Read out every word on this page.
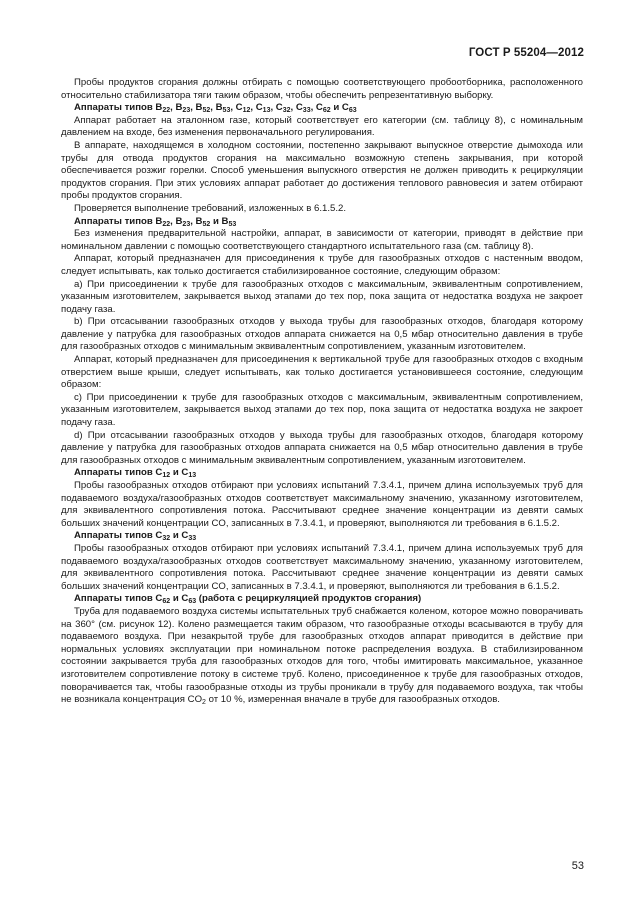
ГОСТ Р 55204—2012

Пробы продуктов сгорания должны отбирать с помощью соответствующего пробоотборника, расположенного относительно стабилизатора тяги таким образом, чтобы обеспечить репрезентативную выборку.

Аппараты типов $B_{22}$, $B_{23}$, $B_{52}$, $B_{53}$, $C_{12}$, $C_{13}$, $C_{32}$, $C_{33}$, $C_{62}$ и $C_{63}$

Аппарат работает на эталонном газе, который соответствует его категории (см. таблицу 8), с номинальным давлением на входе, без изменения первоначального регулирования.

В аппарате, находящемся в холодном состоянии, постепенно закрывают выпускное отверстие дымохода или трубы для отвода продуктов сгорания на максимально возможную степень закрывания, при которой обеспечивается розжиг горелки. Способ уменьшения выпускного отверстия не должен приводить к рециркуляции продуктов сгорания. При этих условиях аппарат работает до достижения теплового равновесия и затем отбирают пробы продуктов сгорания.

Проверяется выполнение требований, изложенных в 6.1.5.2.

Аппараты типов $B_{22}$, $B_{23}$, $B_{52}$ и $B_{53}$

Без изменения предварительной настройки, аппарат, в зависимости от категории, приводят в действие при номинальном давлении с помощью соответствующего стандартного испытательного газа (см. таблицу 8).

Аппарат, который предназначен для присоединения к трубе для газообразных отходов с настенным вводом, следует испытывать, как только достигается стабилизированное состояние, следующим образом:

a) При присоединении к трубе для газообразных отходов с максимальным, эквивалентным сопротивлением, указанным изготовителем, закрывается выход этапами до тех пор, пока защита от недостатка воздуха не закроет подачу газа.

b) При отсасывании газообразных отходов у выхода трубы для газообразных отходов, благодаря которому давление у патрубка для газообразных отходов аппарата снижается на 0,5 мбар относительно давления в трубе для газообразных отходов с минимальным эквивалентным сопротивлением, указанным изготовителем.

Аппарат, который предназначен для присоединения к вертикальной трубе для газообразных отходов с входным отверстием выше крыши, следует испытывать, как только достигается установившееся состояние, следующим образом:

c) При присоединении к трубе для газообразных отходов с максимальным, эквивалентным сопротивлением, указанным изготовителем, закрывается выход этапами до тех пор, пока защита от недостатка воздуха не закроет подачу газа.

d) При отсасывании газообразных отходов у выхода трубы для газообразных отходов, благодаря которому давление у патрубка для газообразных отходов аппарата снижается на 0,5 мбар относительно давления в трубе для газообразных отходов с минимальным эквивалентным сопротивлением, указанным изготовителем.

Аппараты типов $C_{12}$ и $C_{13}$

Пробы газообразных отходов отбирают при условиях испытаний 7.3.4.1, причем длина используемых труб для подаваемого воздуха/газообразных отходов соответствует максимальному значению, указанному изготовителем, для эквивалентного сопротивления потока. Рассчитывают среднее значение концентрации из девяти самых больших значений концентрации CO, записанных в 7.3.4.1, и проверяют, выполняются ли требования в 6.1.5.2.

Аппараты типов $C_{32}$ и $C_{33}$

Пробы газообразных отходов отбирают при условиях испытаний 7.3.4.1, причем длина используемых труб для подаваемого воздуха/газообразных отходов соответствует максимальному значению, указанному изготовителем, для эквивалентного сопротивления потока. Рассчитывают среднее значение концентрации из девяти самых больших значений концентрации CO, записанных в 7.3.4.1, и проверяют, выполняются ли требования в 6.1.5.2.

Аппараты типов $C_{62}$ и $C_{63}$ (работа с рециркуляцией продуктов сгорания)

Труба для подаваемого воздуха системы испытательных труб снабжается коленом, которое можно поворачивать на 360° (см. рисунок 12). Колено размещается таким образом, что газообразные отходы всасываются в трубу для подаваемого воздуха. При незакрытой трубе для газообразных отходов аппарат приводится в действие при нормальных условиях эксплуатации при номинальном потоке распределения воздуха. В стабилизированном состоянии закрывается труба для газообразных отходов для того, чтобы имитировать максимальное, указанное изготовителем сопротивление потоку в системе труб. Колено, присоединенное к трубе для газообразных отходов, поворачивается так, чтобы газообразные отходы из трубы проникали в трубу для подаваемого воздуха, так чтобы не возникала концентрация $CO_2$ от 10 %, измеренная вначале в трубе для газообразных отходов.

53
